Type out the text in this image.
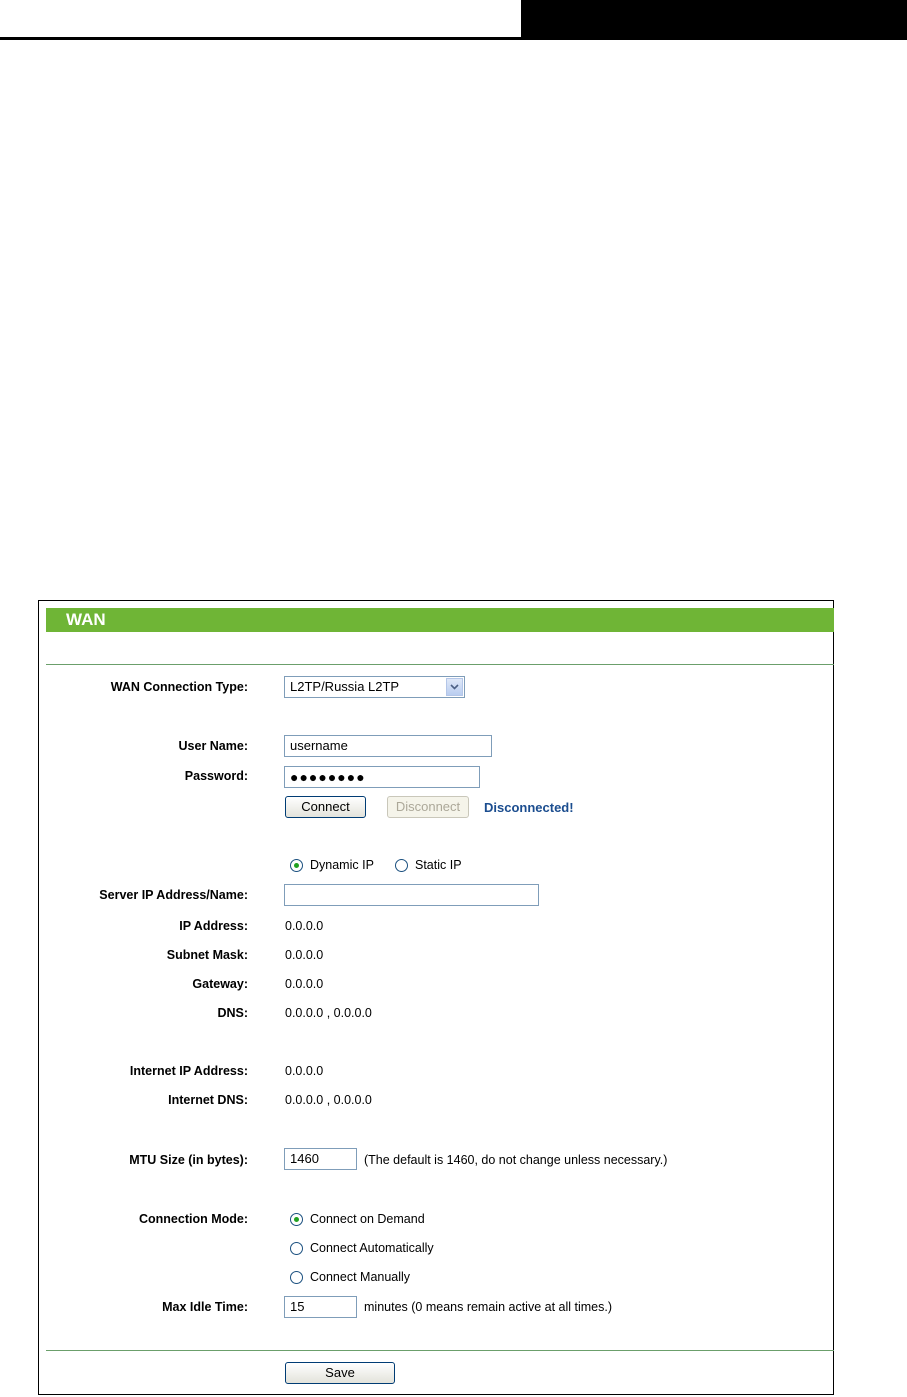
WAN
WAN Connection Type:	L2TP/Russia L2TP
User Name:	username
Password:	●●●●●●●●
Connect	Disconnect	Disconnected!
Dynamic IP	Static IP
Server IP Address/Name:
IP Address:	0.0.0.0
Subnet Mask:	0.0.0.0
Gateway:	0.0.0.0
DNS:	0.0.0.0 , 0.0.0.0
Internet IP Address:	0.0.0.0
Internet DNS:	0.0.0.0 , 0.0.0.0
MTU Size (in bytes):	1460	(The default is 1460, do not change unless necessary.)
Connection Mode:	Connect on Demand
Connect Automatically
Connect Manually
Max Idle Time:	15	minutes (0 means remain active at all times.)
Save
